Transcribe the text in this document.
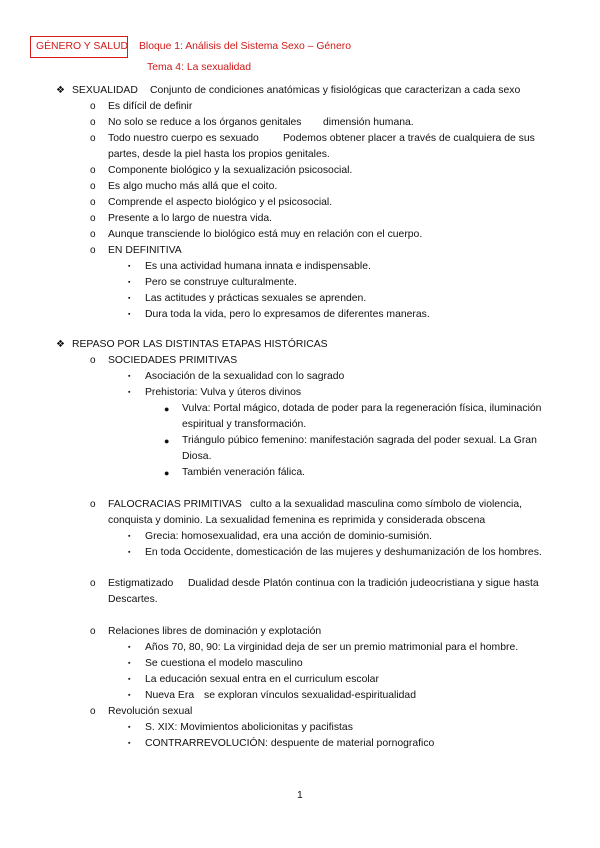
GÉNERO Y SALUD Bloque 1: Análisis del Sistema Sexo – Género
Tema 4: La sexualidad
❖ SEXUALIDAD Conjunto de condiciones anatómicas y fisiológicas que caracterizan a cada sexo
o Es difícil de definir
o No solo se reduce a los órganos genitales dimensión humana.
o Todo nuestro cuerpo es sexuado Podemos obtener placer a través de cualquiera de sus
partes, desde la piel hasta los propios genitales.
o Componente biológico y la sexualización psicosocial.
o Es algo mucho más allá que el coito.
o Comprende el aspecto biológico y el psicosocial.
o Presente a lo largo de nuestra vida.
o Aunque transciende lo biológico está muy en relación con el cuerpo.
o EN DEFINITIVA
▪ Es una actividad humana innata e indispensable.
▪ Pero se construye culturalmente.
▪ Las actitudes y prácticas sexuales se aprenden.
▪ Dura toda la vida, pero lo expresamos de diferentes maneras.
❖ REPASO POR LAS DISTINTAS ETAPAS HISTÓRICAS
o SOCIEDADES PRIMITIVAS
▪ Asociación de la sexualidad con lo sagrado
▪ Prehistoria: Vulva y úteros divinos
● Vulva: Portal mágico, dotada de poder para la regeneración física, iluminación
espiritual y transformación.
● Triángulo púbico femenino: manifestación sagrada del poder sexual. La Gran
Diosa.
● También veneración fálica.
o FALOCRACIAS PRIMITIVAS culto a la sexualidad masculina como símbolo de violencia,
conquista y dominio. La sexualidad femenina es reprimida y considerada obscena
▪ Grecia: homosexualidad, era una acción de dominio-sumisión.
▪ En toda Occidente, domesticación de las mujeres y deshumanización de los hombres.
o Estigmatizado Dualidad desde Platón continua con la tradición judeocristiana y sigue hasta
Descartes.
o Relaciones libres de dominación y explotación
▪ Años 70, 80, 90: La virginidad deja de ser un premio matrimonial para el hombre.
▪ Se cuestiona el modelo masculino
▪ La educación sexual entra en el curriculum escolar
▪ Nueva Era se exploran vínculos sexualidad-espiritualidad
o Revolución sexual
▪ S. XIX: Movimientos abolicionitas y pacifistas
▪ CONTRARREVOLUCIÓN: despuente de material pornografico
1
